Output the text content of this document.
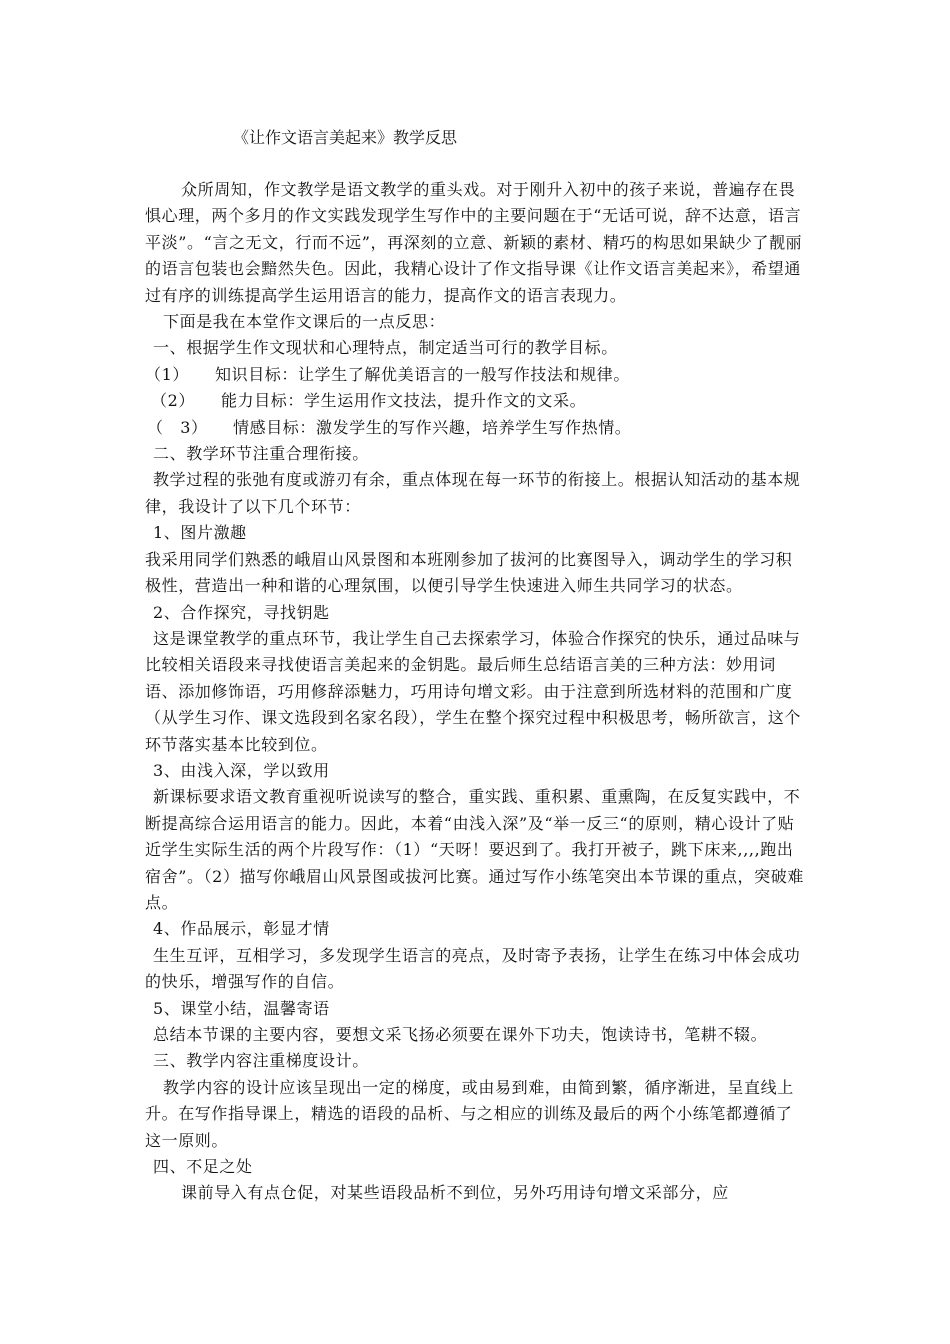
《让作文语言美起来》教学反思

众所周知，作文教学是语文教学的重头戏。对于刚升入初中的孩子来说，普遍存在畏惧心理，两个多月的作文实践发现学生写作中的主要问题在于“无话可说，辞不达意，语言平淡”。“言之无文，行而不远”，再深刻的立意、新颖的素材、精巧的构思如果缺少了靓丽的语言包装也会黯然失色。因此，我精心设计了作文指导课《让作文语言美起来》，希望通过有序的训练提高学生运用语言的能力，提高作文的语言表现力。

下面是我在本堂作文课后的一点反思：

一、根据学生作文现状和心理特点，制定适当可行的教学目标。

（1）	知识目标：让学生了解优美语言的一般写作技法和规律。
（2）	能力目标：学生运用作文技法，提升作文的文采。
（　3）	情感目标：激发学生的写作兴趣，培养学生写作热情。

二、教学环节注重合理衔接。

教学过程的张弛有度或游刃有余，重点体现在每一环节的衔接上。根据认知活动的基本规律，我设计了以下几个环节：

1、图片激趣

我采用同学们熟悉的峨眉山风景图和本班刚参加了拔河的比赛图导入，调动学生的学习积极性，营造出一种和谐的心理氛围，以便引导学生快速进入师生共同学习的状态。

2、合作探究，寻找钥匙

这是课堂教学的重点环节，我让学生自己去探索学习，体验合作探究的快乐，通过品味与比较相关语段来寻找使语言美起来的金钥匙。最后师生总结语言美的三种方法：妙用词语、添加修饰语，巧用修辞添魅力，巧用诗句增文彩。由于注意到所选材料的范围和广度（从学生习作、课文选段到名家名段），学生在整个探究过程中积极思考，畅所欲言，这个环节落实基本比较到位。

3、由浅入深，学以致用

新课标要求语文教育重视听说读写的整合，重实践、重积累、重熏陶，在反复实践中，不断提高综合运用语言的能力。因此，本着“由浅入深”及“举一反三“的原则，精心设计了贴近学生实际生活的两个片段写作：（1）“天呀！要迟到了。我打开被子，跳下床来,,,,跑出宿舍”。（2）描写你峨眉山风景图或拔河比赛。通过写作小练笔突出本节课的重点，突破难点。

4、作品展示，彰显才情

生生互评，互相学习，多发现学生语言的亮点，及时寄予表扬，让学生在练习中体会成功的快乐，增强写作的自信。

5、课堂小结，温馨寄语

总结本节课的主要内容，要想文采飞扬必须要在课外下功夫，饱读诗书，笔耕不辍。

三、教学内容注重梯度设计。

教学内容的设计应该呈现出一定的梯度，或由易到难，由简到繁，循序渐进，呈直线上升。在写作指导课上，精选的语段的品析、与之相应的训练及最后的两个小练笔都遵循了这一原则。

四、不足之处

课前导入有点仓促，对某些语段品析不到位，另外巧用诗句增文采部分，应
